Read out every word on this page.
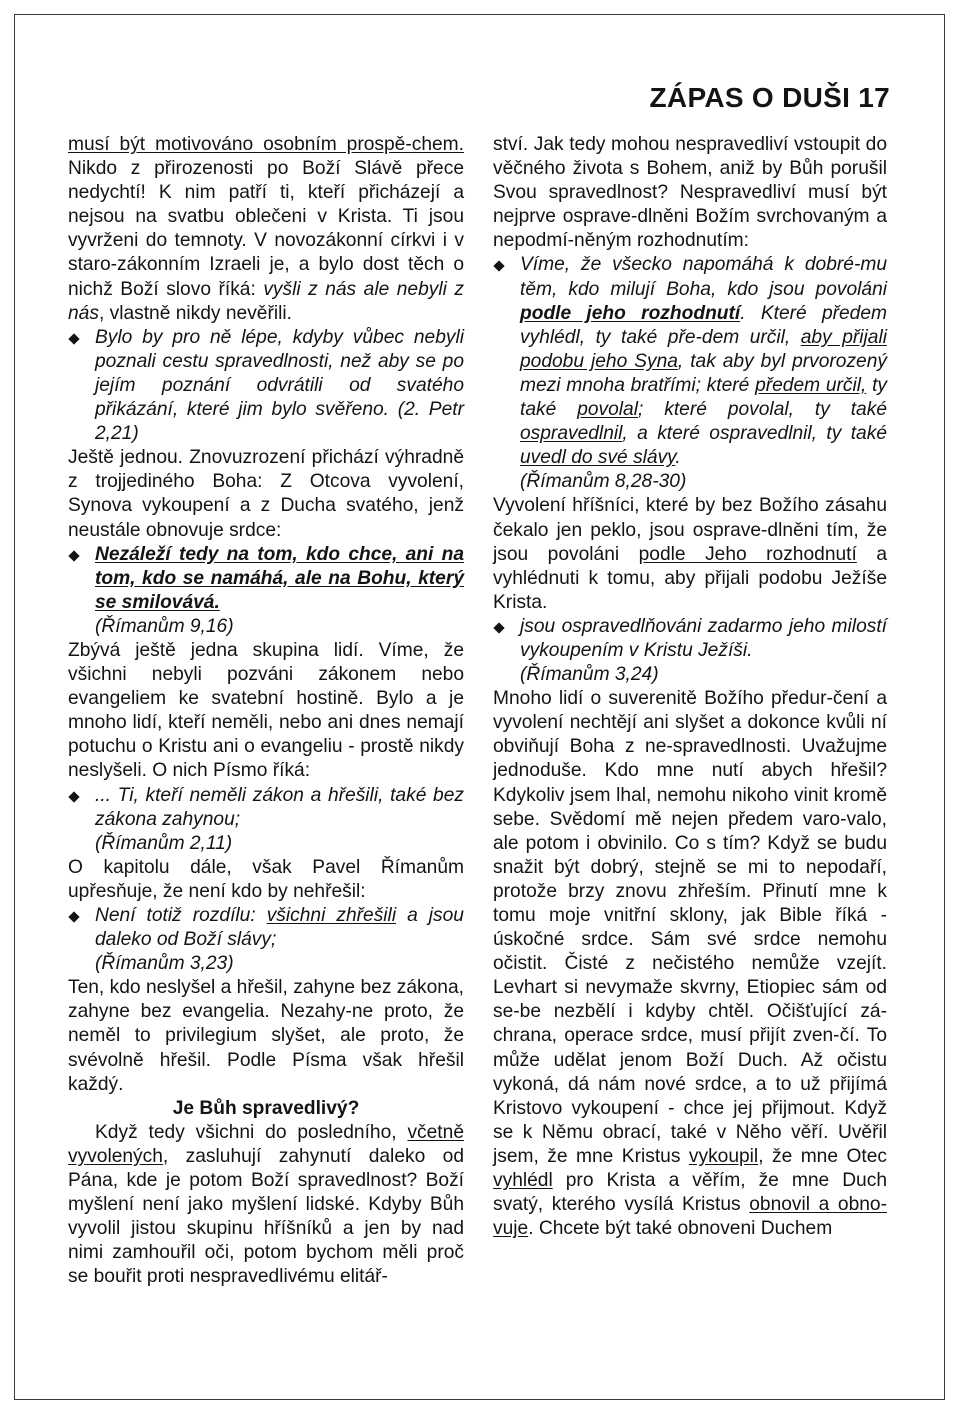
ZÁPAS O DUŠI 17

musí být motivováno osobním prospě-chem. Nikdo z přirozenosti po Boží Slávě přece nedychtí! K nim patří ti, kteří přicházejí a nejsou na svatbu oblečeni v Krista. Ti jsou vyvrženi do temnoty. V novozákonní církvi i v staro-zákonním Izraeli je, a bylo dost těch o nichž Boží slovo říká: vyšli z nás ale nebyli z nás, vlastně nikdy nevěřili.

Bylo by pro ně lépe, kdyby vůbec nebyli poznali cestu spravedlnosti, než aby se po jejím poznání odvrátili od svatého přikázání, které jim bylo svěřeno. (2. Petr 2,21)

Ještě jednou. Znovuzrození přichází výhradně z trojjediného Boha: Z Otcova vyvolení, Synova vykoupení a z Ducha svatého, jenž neustále obnovuje srdce:

Nezáleží tedy na tom, kdo chce, ani na tom, kdo se namáhá, ale na Bohu, který se smilovává.

(Římanům 9,16)

Zbývá ještě jedna skupina lidí. Víme, že všichni nebyli pozváni zákonem nebo evangeliem ke svatební hostině. Bylo a je mnoho lidí, kteří neměli, nebo ani dnes nemají potuchu o Kristu ani o evangeliu - prostě nikdy neslyšeli. O nich Písmo říká:

... Ti, kteří neměli zákon a hřešili, také bez zákona zahynou;

(Římanům 2,11)

O kapitolu dále, však Pavel Římanům upřesňuje, že není kdo by nehřešil:

Není totiž rozdílu: všichni zhřešili a jsou daleko od Boží slávy;

(Římanům 3,23)

Ten, kdo neslyšel a hřešil, zahyne bez zákona, zahyne bez evangelia. Nezahy-ne proto, že neměl to privilegium slyšet, ale proto, že svévolně hřešil. Podle Písma však hřešil každý.

Je Bůh spravedlivý?

Když tedy všichni do posledního, včetně vyvolených, zasluhují zahynutí daleko od Pána, kde je potom Boží spravedlnost? Boží myšlení není jako myšlení lidské. Kdyby Bůh vyvolil jistou skupinu hříšníků a jen by nad nimi zamhouřil oči, potom bychom měli proč se bouřit proti nespravedlivému elitář-

ství. Jak tedy mohou nespravedliví vstoupit do věčného života s Bohem, aniž by Bůh porušil Svou spravedlnost? Nespravedliví musí být nejprve osprave-dlněni Božím svrchovaným a nepodmí-něným rozhodnutím:

Víme, že všecko napomáhá k dobré-mu těm, kdo milují Boha, kdo jsou povoláni podle jeho rozhodnutí. Které předem vyhlédl, ty také pře-dem určil, aby přijali podobu jeho Syna, tak aby byl prvorozený mezi mnoha bratřími; které předem určil, ty také povolal; které povolal, ty také ospravedlnil, a které ospravedlnil, ty také uvedl do své slávy.

(Římanům 8,28-30)

Vyvolení hříšníci, které by bez Božího zásahu čekalo jen peklo, jsou osprave-dlněni tím, že jsou povoláni podle Jeho rozhodnutí a vyhlédnuti k tomu, aby přijali podobu Ježíše Krista.

jsou ospravedlňováni zadarmo jeho milostí vykoupením v Kristu Ježíši.

(Římanům 3,24)

Mnoho lidí o suverenitě Božího předur-čení a vyvolení nechtějí ani slyšet a dokonce kvůli ní obviňují Boha z ne-spravedlnosti. Uvažujme jednoduše. Kdo mne nutí abych hřešil? Kdykoliv jsem lhal, nemohu nikoho vinit kromě sebe. Svědomí mě nejen předem varo-valo, ale potom i obvinilo. Co s tím? Když se budu snažit být dobrý, stejně se mi to nepodaří, protože brzy znovu zhřeším. Přinutí mne k tomu moje vnitřní sklony, jak Bible říká - úskočné srdce. Sám své srdce nemohu očistit. Čisté z nečistého nemůže vzejít. Levhart si nevymaže skvrny, Etiopiec sám od se-be nezbělí i kdyby chtěl. Očišťující zá-chrana, operace srdce, musí přijít zven-čí. To může udělat jenom Boží Duch. Až očistu vykoná, dá nám nové srdce, a to už přijímá Kristovo vykoupení - chce jej přijmout. Když se k Němu obrací, také v Něho věří. Uvěřil jsem, že mne Kristus vykoupil, že mne Otec vyhlédl pro Krista a věřím, že mne Duch svatý, kterého vysílá Kristus obnovil a obno-vuje. Chcete být také obnoveni Duchem
